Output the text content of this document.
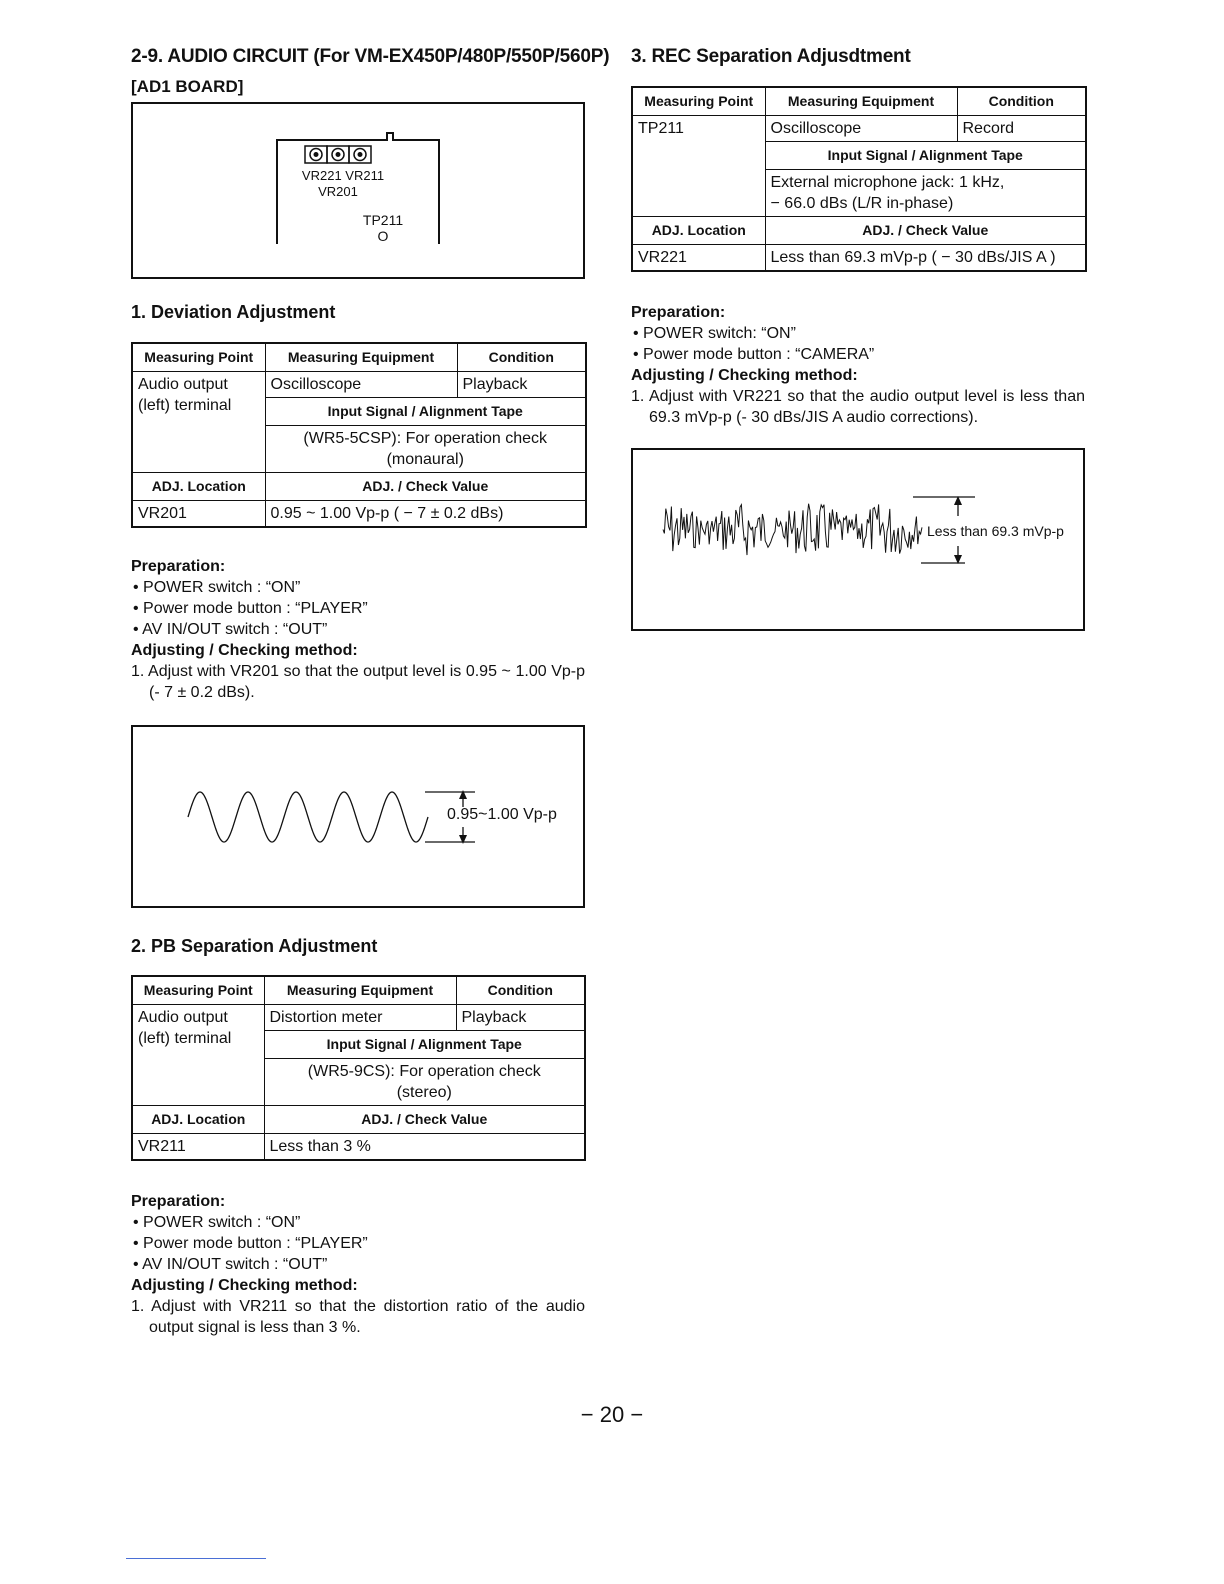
2-9. AUDIO CIRCUIT (For VM-EX450P/480P/550P/560P)
[AD1 BOARD]
VR221 VR211
VR201
TP211
O
1. Deviation Adjustment
Measuring Point	Measuring Equipment	Condition
Audio output (left) terminal	Oscilloscope	Playback
	Input Signal / Alignment Tape	
	(WR5-5CSP): For operation check
(monaural)	
ADJ. Location	ADJ. / Check Value	
VR201	0.95 ~ 1.00 Vp-p ( − 7 ± 0.2 dBs)	
Preparation:
• POWER switch : “ON”
• Power mode button : “PLAYER”
• AV IN/OUT switch : “OUT”
Adjusting / Checking method:
1. Adjust with VR201 so that the output level is 0.95 ~ 1.00 Vp-p (- 7 ± 0.2 dBs).
0.95~1.00 Vp-p
2. PB Separation Adjustment
Measuring Point	Measuring Equipment	Condition
Audio output (left) terminal	Distortion meter	Playback
	Input Signal / Alignment Tape	
	(WR5-9CS): For operation check
(stereo)	
ADJ. Location	ADJ. / Check Value	
VR211	Less than 3 %	
Preparation:
• POWER switch : “ON”
• Power mode button : “PLAYER”
• AV IN/OUT switch : “OUT”
Adjusting / Checking method:
1. Adjust with VR211 so that the distortion ratio of the audio output signal is less than 3 %.
3. REC Separation Adjusdtment
Measuring Point	Measuring Equipment	Condition
TP211	Oscilloscope	Record
	Input Signal / Alignment Tape	
	External microphone jack: 1 kHz,
− 66.0 dBs (L/R in-phase)	
ADJ. Location	ADJ. / Check Value	
VR221	Less than 69.3 mVp-p ( − 30 dBs/JIS A )	
Preparation:
• POWER switch: “ON”
• Power mode button : “CAMERA”
Adjusting / Checking method:
1. Adjust with VR221 so that the audio output level is less than 69.3 mVp-p (- 30 dBs/JIS A audio corrections).
Less than 69.3 mVp-p
− 20 −
